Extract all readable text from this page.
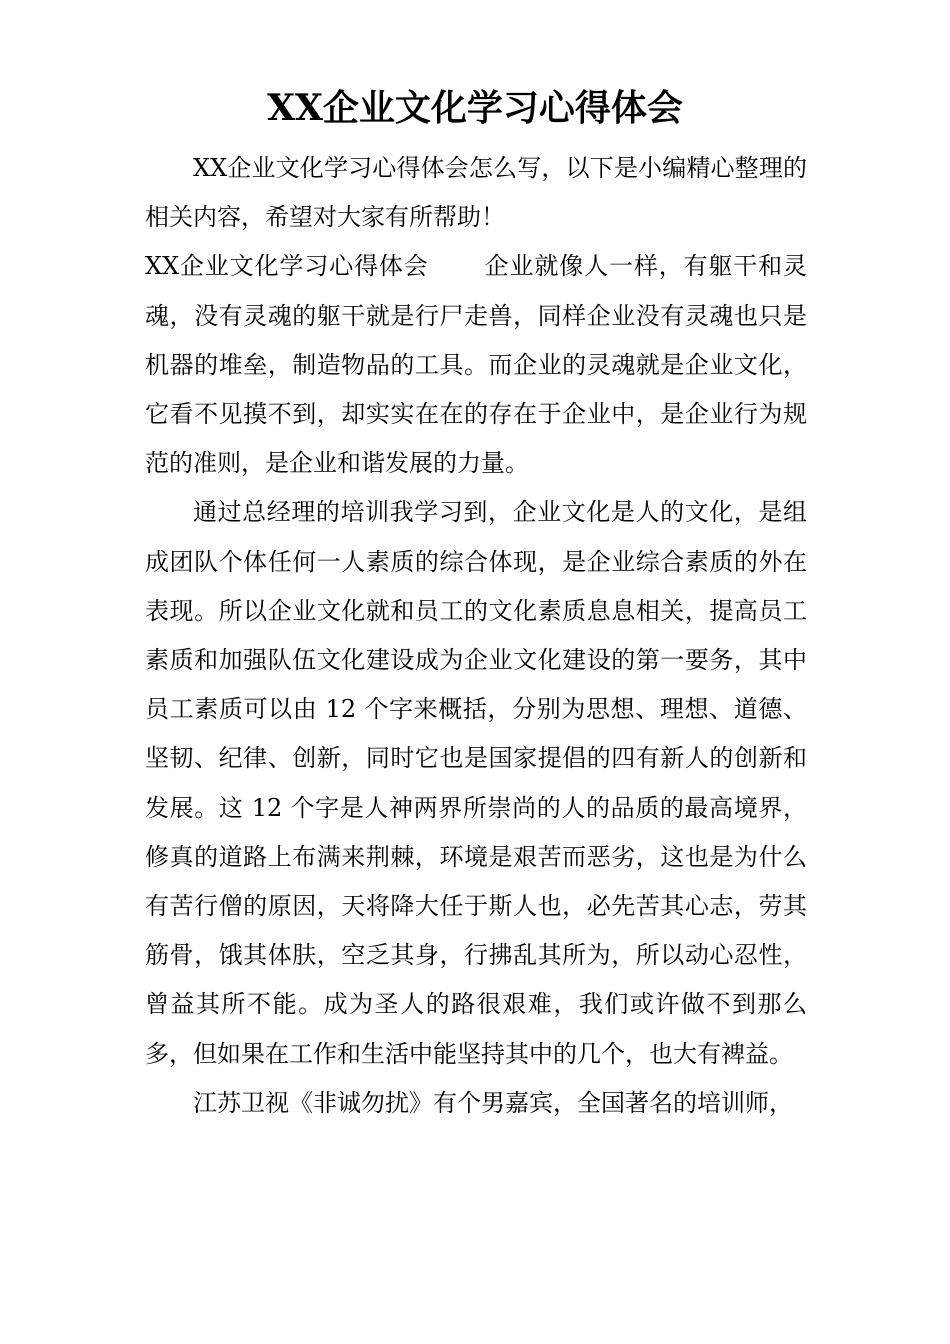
XX企业文化学习心得体会

XX企业文化学习心得体会怎么写，以下是小编精心整理的相关内容，希望对大家有所帮助！

XX企业文化学习心得体会 企业就像人一样，有躯干和灵魂，没有灵魂的躯干就是行尸走兽，同样企业没有灵魂也只是机器的堆垒，制造物品的工具。而企业的灵魂就是企业文化，它看不见摸不到，却实实在在的存在于企业中，是企业行为规范的准则，是企业和谐发展的力量。

通过总经理的培训我学习到，企业文化是人的文化，是组成团队个体任何一人素质的综合体现，是企业综合素质的外在表现。所以企业文化就和员工的文化素质息息相关，提高员工素质和加强队伍文化建设成为企业文化建设的第一要务，其中员工素质可以由 12 个字来概括，分别为思想、理想、道德、坚韧、纪律、创新，同时它也是国家提倡的四有新人的创新和发展。这 12 个字是人神两界所崇尚的人的品质的最高境界，修真的道路上布满来荆棘，环境是艰苦而恶劣，这也是为什么有苦行僧的原因，天将降大任于斯人也，必先苦其心志，劳其筋骨，饿其体肤，空乏其身，行拂乱其所为，所以动心忍性，曾益其所不能。成为圣人的路很艰难，我们或许做不到那么多，但如果在工作和生活中能坚持其中的几个，也大有裨益。

江苏卫视《非诚勿扰》有个男嘉宾，全国著名的培训师，
